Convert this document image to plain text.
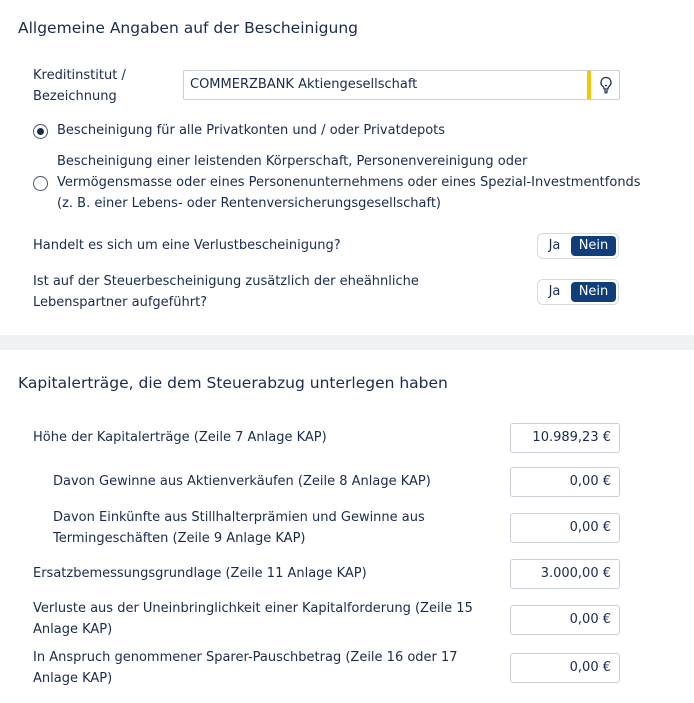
Allgemeine Angaben auf der Bescheinigung
Kreditinstitut /
Bezeichnung
COMMERZBANK Aktiengesellschaft
Bescheinigung für alle Privatkonten und / oder Privatdepots
Bescheinigung einer leistenden Körperschaft, Personenvereinigung oder
Vermögensmasse oder eines Personenunternehmens oder eines Spezial-Investmentfonds
(z. B. einer Lebens- oder Rentenversicherungsgesellschaft)
Handelt es sich um eine Verlustbescheinigung?	Ja	Nein
Ist auf der Steuerbescheinigung zusätzlich der eheähnliche
Lebenspartner aufgeführt?
Ja	Nein
Kapitalerträge, die dem Steuerabzug unterlegen haben
Höhe der Kapitalerträge (Zeile 7 Anlage KAP)	10.989,23 €
Davon Gewinne aus Aktienverkäufen (Zeile 8 Anlage KAP)	0,00 €
Davon Einkünfte aus Stillhalterprämien und Gewinne aus
Termingeschäften (Zeile 9 Anlage KAP)
0,00 €
Ersatzbemessungsgrundlage (Zeile 11 Anlage KAP)	3.000,00 €
Verluste aus der Uneinbringlichkeit einer Kapitalforderung (Zeile 15
Anlage KAP)
0,00 €
In Anspruch genommener Sparer-Pauschbetrag (Zeile 16 oder 17
Anlage KAP)
0,00 €
